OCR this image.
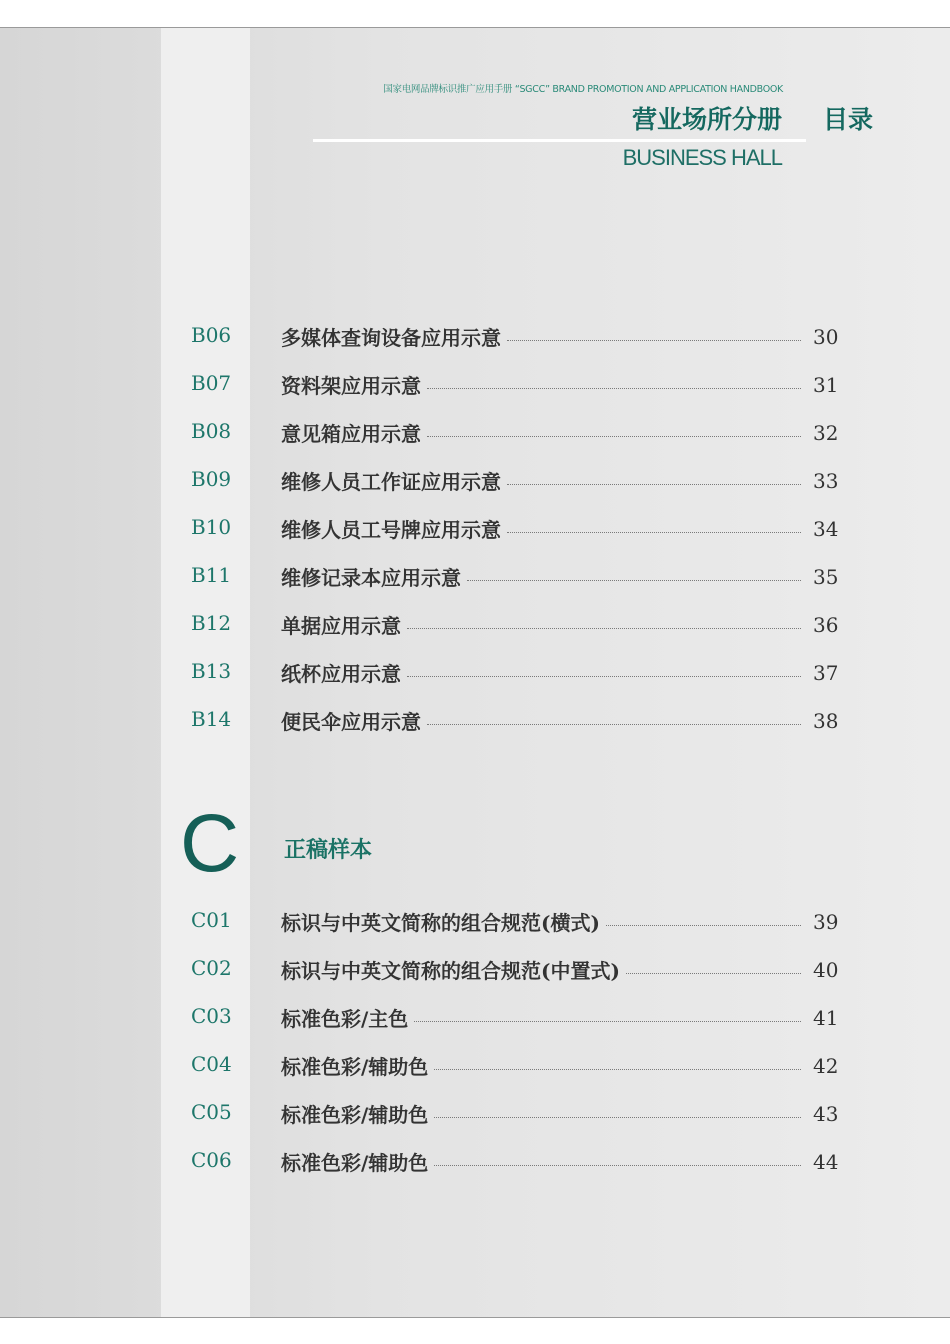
国家电网品牌标识推广应用手册 “SGCC” BRAND PROMOTION AND APPLICATION HANDBOOK
营业场所分册 目录
BUSINESS HALL
B06 多媒体查询设备应用示意	30
B07 资料架应用示意	31
B08 意见箱应用示意	32
B09 维修人员工作证应用示意	33
B10 维修人员工号牌应用示意	34
B11 维修记录本应用示意	35
B12 单据应用示意	36
B13 纸杯应用示意	37
B14 便民伞应用示意	38
C 正稿样本
C01 标识与中英文简称的组合规范(横式)	39
C02 标识与中英文简称的组合规范(中置式)	40
C03 标准色彩/主色	41
C04 标准色彩/辅助色	42
C05 标准色彩/辅助色	43
C06 标准色彩/辅助色	44
